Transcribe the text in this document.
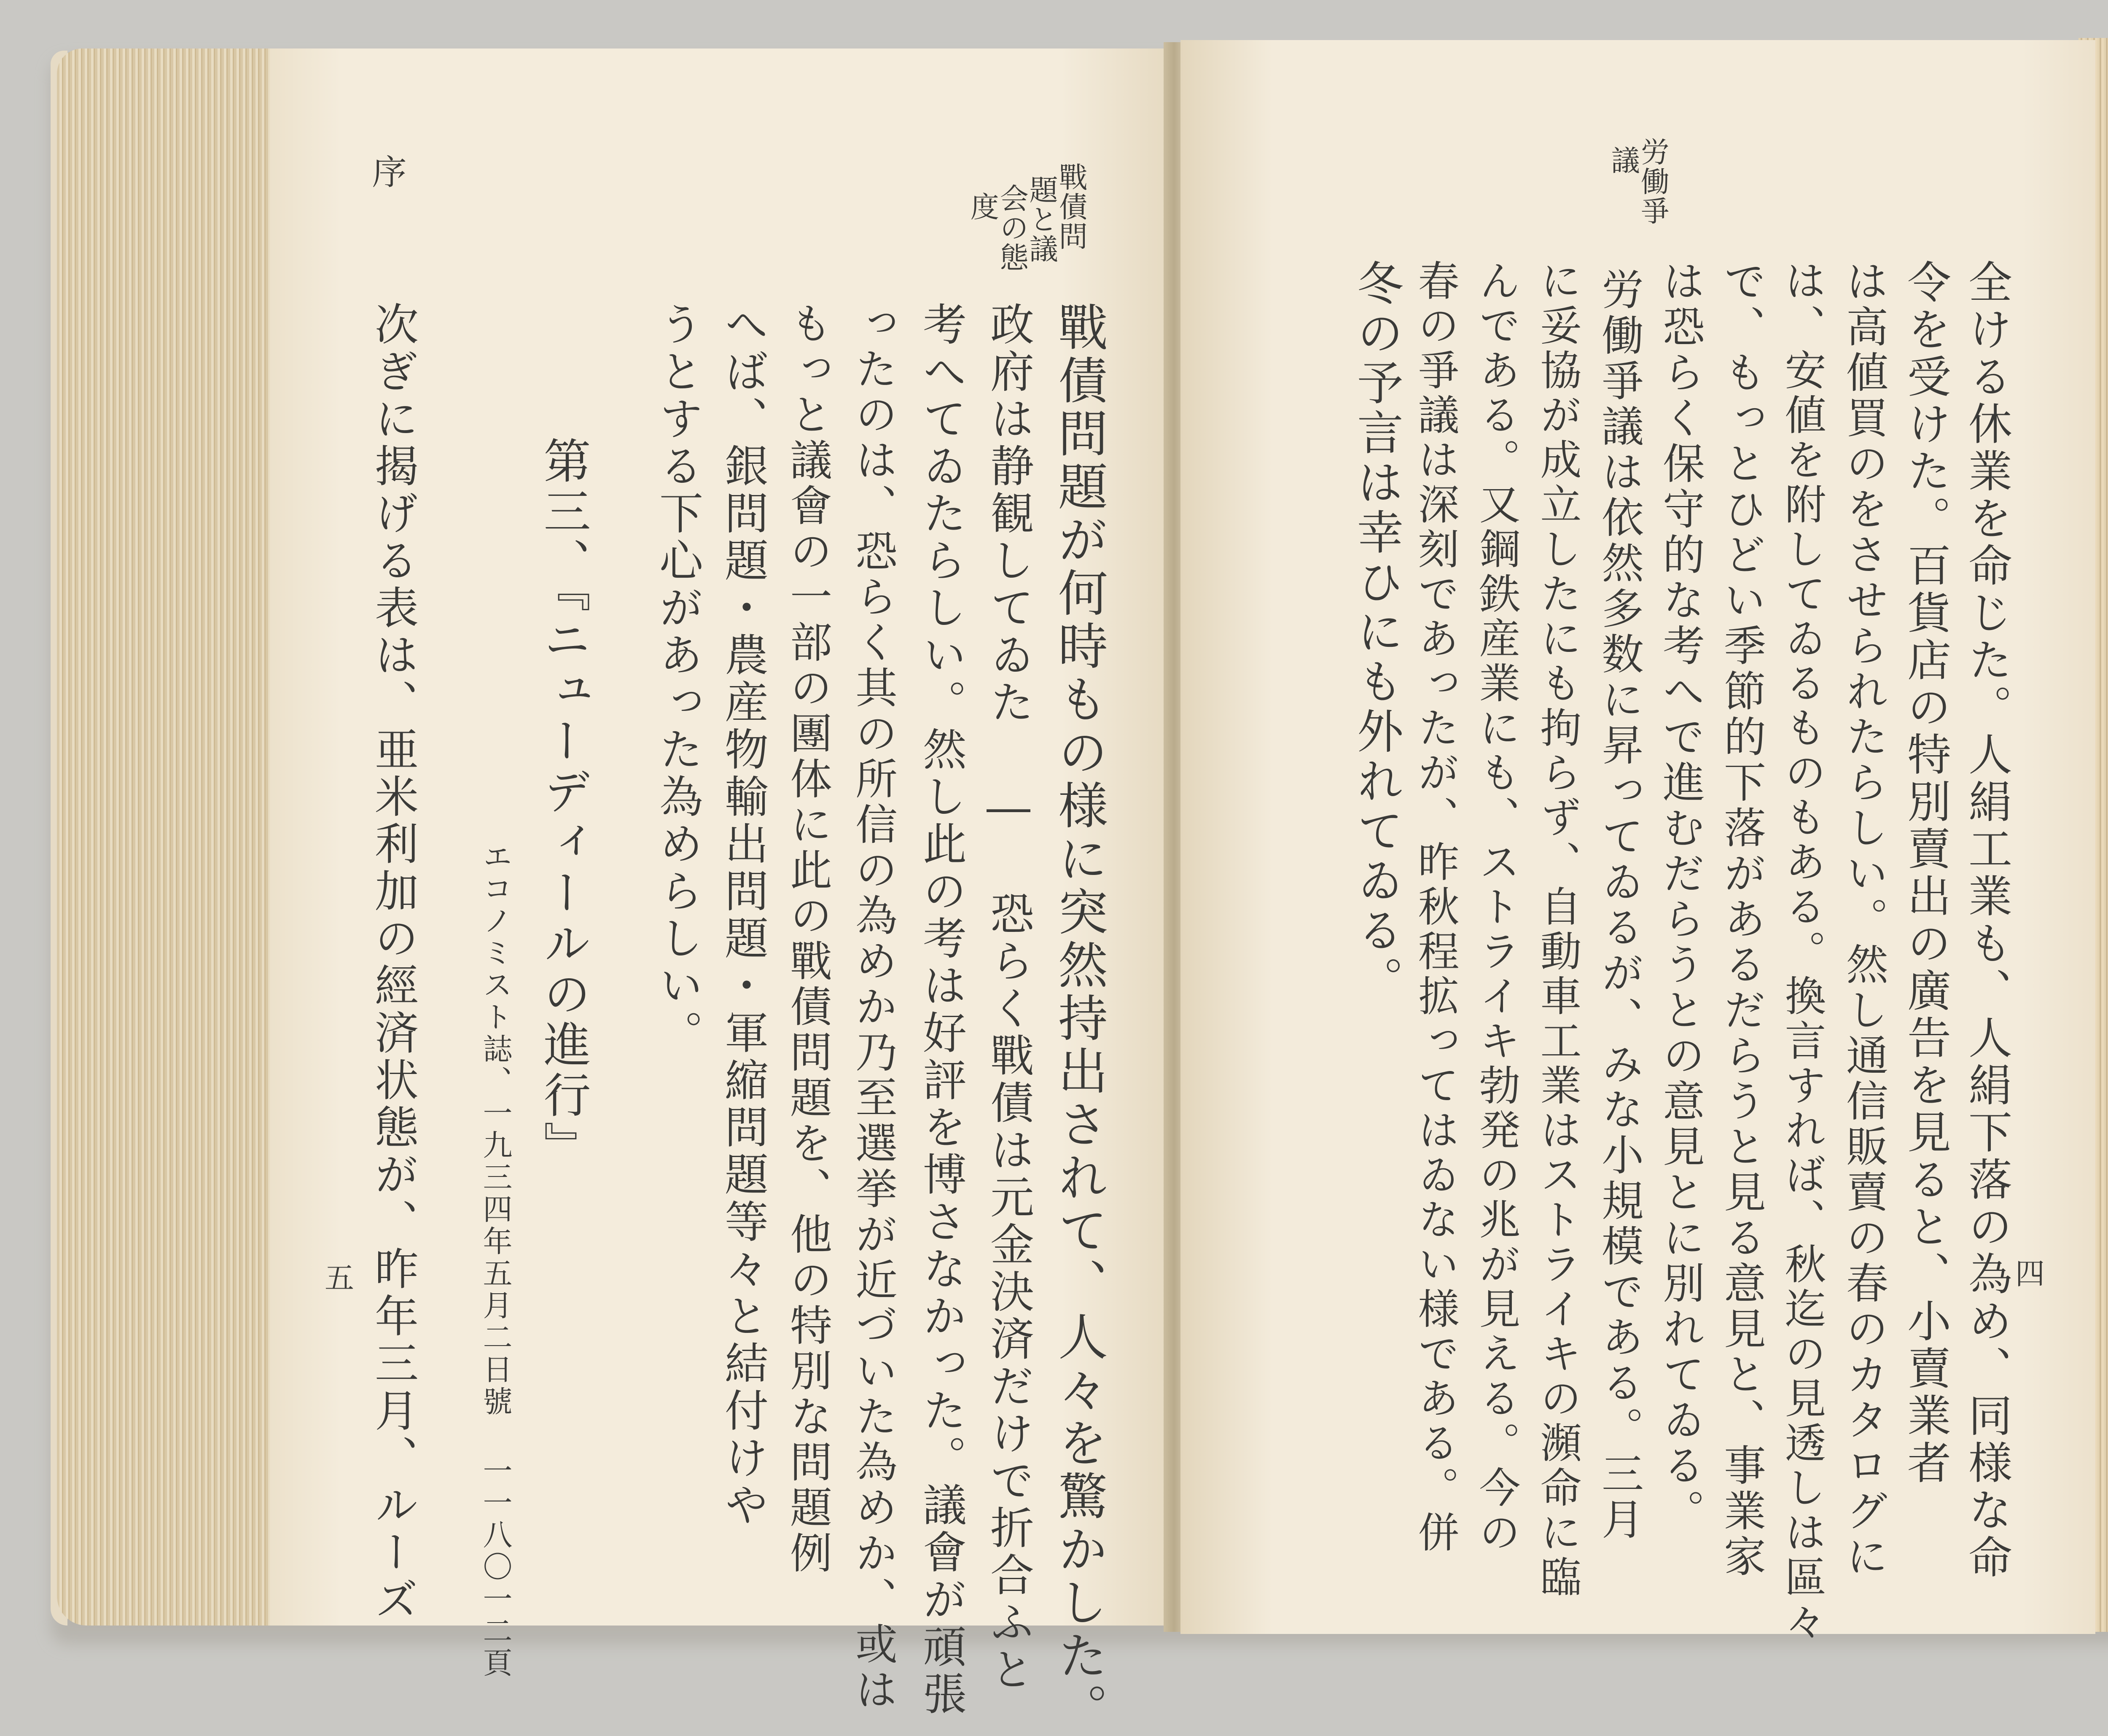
序	戰債問
題と議
会の態
度
戰債問題が何時もの様に突然持出されて、人々を驚かした。
政府は静観してゐた ― 恐らく戰債は元金決済だけで折合ふと
考へてゐたらしい。然し此の考は好評を博さなかった。議會が頑張
ったのは、恐らく其の所信の為めか乃至選挙が近づいた為めか、或は
もっと議會の一部の團体に此の戰債問題を、他の特別な問題例
へば、銀問題・農産物輸出問題・軍縮問題等々と結付けや
うとする下心があった為めらしい。
第三、『ニューディールの進行』
エコノミスト誌、一九三四年五月二日號 一一八〇一二頁
次ぎに揭げる表は、亜米利加の經済状態が、昨年三月、ルーズ
五
労働爭
議
全ける休業を命じた。人絹工業も、人絹下落の為め、同様な命
令を受けた。百貨店の特別賣出の廣告を見ると、小賣業者
は高値買のをさせられたらしい。然し通信販賣の春のカタログに
は、安値を附してゐるものもある。換言すれば、秋迄の見透しは區々
で、もっとひどい季節的下落があるだらうと見る意見と、事業家
は恐らく保守的な考へで進むだらうとの意見とに別れてゐる。
労働爭議は依然多数に昇ってゐるが、みな小規模である。三月
に妥協が成立したにも拘らず、自動車工業はストライキの瀕命に臨
んである。又鋼鉄産業にも、ストライキ勃発の兆が見える。今の
春の爭議は深刻であったが、昨秋程拡ってはゐない様である。併
冬の予言は幸ひにも外れてゐる。
四
